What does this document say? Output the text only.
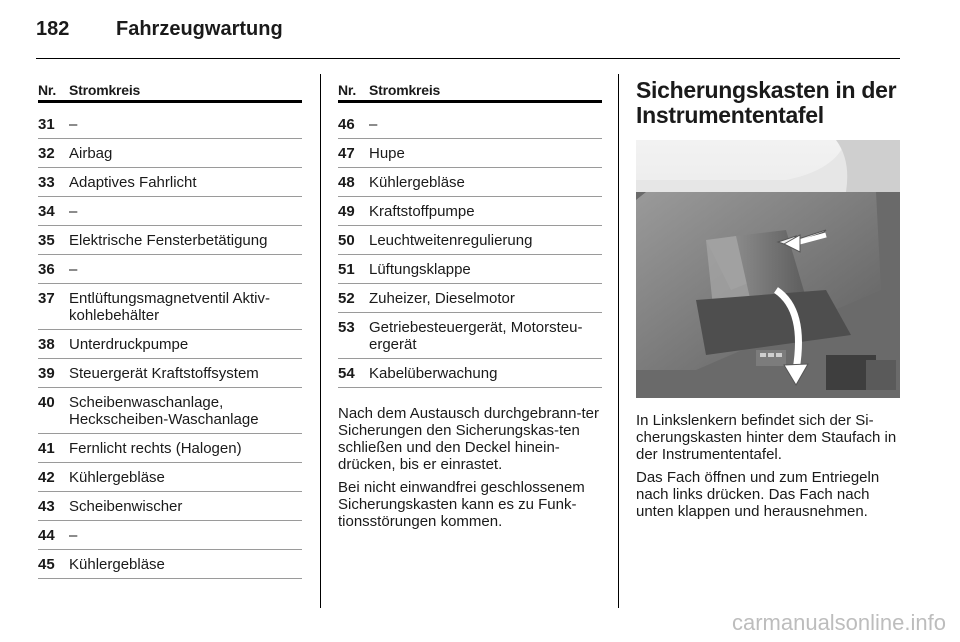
182	Fahrzeugwartung
Nr. Stromkreis
31 –
32 Airbag
33 Adaptives Fahrlicht
34 –
35 Elektrische Fensterbetätigung
36 –
37 Entlüftungsmagnetventil Aktiv-kohlebehälter
38 Unterdruckpumpe
39 Steuergerät Kraftstoffsystem
40 Scheibenwaschanlage, Heckscheiben-Waschanlage
41 Fernlicht rechts (Halogen)
42 Kühlergebläse
43 Scheibenwischer
44 –
45 Kühlergebläse
Nr. Stromkreis
46 –
47 Hupe
48 Kühlergebläse
49 Kraftstoffpumpe
50 Leuchtweitenregulierung
51 Lüftungsklappe
52 Zuheizer, Dieselmotor
53 Getriebesteuergerät, Motorsteu-ergerät
54 Kabelüberwachung

Nach dem Austausch durchgebrann-ter Sicherungen den Sicherungskas-ten schließen und den Deckel hinein-drücken, bis er einrastet.

Bei nicht einwandfrei geschlossenem Sicherungskasten kann es zu Funk-tionsstörungen kommen.

Sicherungskasten in der Instrumententafel

In Linkslenkern befindet sich der Si-cherungskasten hinter dem Staufach in der Instrumententafel.

Das Fach öffnen und zum Entriegeln nach links drücken. Das Fach nach unten klappen und herausnehmen.

carmanualsonline.info
